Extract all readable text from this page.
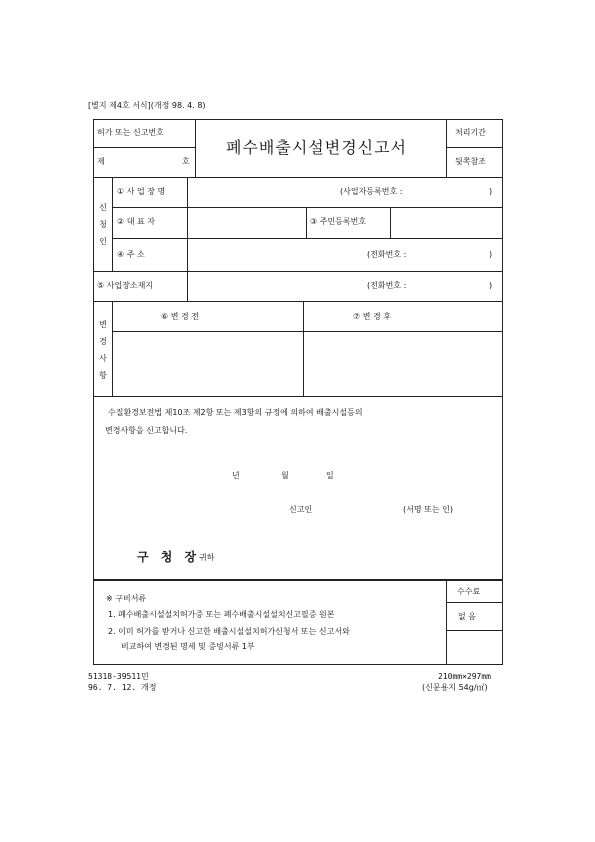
[별지 제4호 서식](개정 98. 4. 8)
허가 또는 신고번호
제	호
폐수배출시설변경신고서
처리기간
뒷쪽참조
신청인
① 사 업 장 명	(사업자등록번호 :	)
② 대 표 자	③ 주민등록번호
④ 주 소	(전화번호 :	)
⑤ 사업장소재지	(전화번호 :	)
변경사항
⑥ 변 경 전	⑦ 변 경 후
수질환경보전법 제10조 제2항 또는 제3항의 규정에 의하여 배출시설등의
변경사항을 신고합니다.
년	월	일
신고인	(서명 또는 인)
구 청 장
귀하
※ 구비서류
1. 폐수배출시설설치허가증 또는 폐수배출시설설치신고필증 원본
2. 이미 허가를 받거나 신고한 배출시설설치허가신청서 또는 신고서와
비교하여 변경된 명세 및 증빙서류 1부
수수료
없 음
51318-39511민
96. 7. 12. 개정
210mm×297mm
(신문용지 54g/㎡)
